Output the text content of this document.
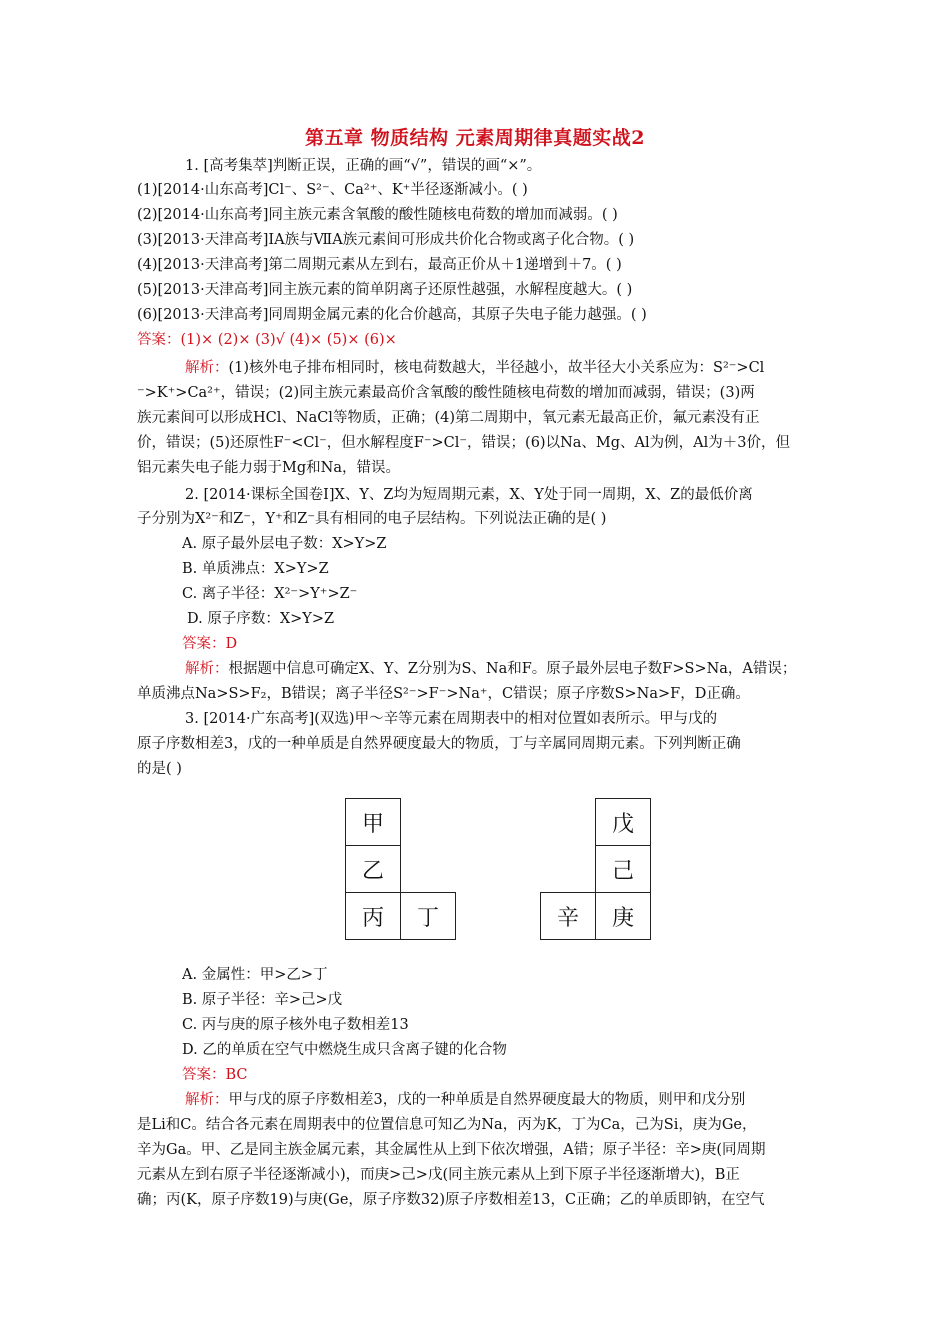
第五章 物质结构 元素周期律真题实战2
1. [高考集萃]判断正误，正确的画“√”，错误的画“×”。
(1)[2014·山东高考]Cl⁻、S²⁻、Ca²⁺、K⁺半径逐渐减小。( )
(2)[2014·山东高考]同主族元素含氧酸的酸性随核电荷数的增加而减弱。( )
(3)[2013·天津高考]ⅠA族与ⅦA族元素间可形成共价化合物或离子化合物。( )
(4)[2013·天津高考]第二周期元素从左到右，最高正价从＋1递增到＋7。( )
(5)[2013·天津高考]同主族元素的简单阴离子还原性越强，水解程度越大。( )
(6)[2013·天津高考]同周期金属元素的化合价越高，其原子失电子能力越强。( )
答案：(1)× (2)× (3)√ (4)× (5)× (6)×
解析：(1)核外电子排布相同时，核电荷数越大，半径越小，故半径大小关系应为：S²⁻>Cl
⁻>K⁺>Ca²⁺，错误；(2)同主族元素最高价含氧酸的酸性随核电荷数的增加而减弱，错误；(3)两
族元素间可以形成HCl、NaCl等物质，正确；(4)第二周期中，氧元素无最高正价，氟元素没有正
价，错误；(5)还原性F⁻<Cl⁻，但水解程度F⁻>Cl⁻，错误；(6)以Na、Mg、Al为例，Al为＋3价，但
铝元素失电子能力弱于Mg和Na，错误。
2. [2014·课标全国卷Ⅰ]X、Y、Z均为短周期元素，X、Y处于同一周期，X、Z的最低价离
子分别为X²⁻和Z⁻，Y⁺和Z⁻具有相同的电子层结构。下列说法正确的是( )
A. 原子最外层电子数：X>Y>Z
B. 单质沸点：X>Y>Z
C. 离子半径：X²⁻>Y⁺>Z⁻
D. 原子序数：X>Y>Z
答案：D
解析：根据题中信息可确定X、Y、Z分别为S、Na和F。原子最外层电子数F>S>Na，A错误；
单质沸点Na>S>F₂，B错误；离子半径S²⁻>F⁻>Na⁺，C错误；原子序数S>Na>F，D正确。
3. [2014·广东高考](双选)甲～辛等元素在周期表中的相对位置如表所示。甲与戊的
原子序数相差3，戊的一种单质是自然界硬度最大的物质，丁与辛属同周期元素。下列判断正确
的是( )
甲
乙
丙	丁
戊
己
辛	庚
A. 金属性：甲>乙>丁
B. 原子半径：辛>己>戊
C. 丙与庚的原子核外电子数相差13
D. 乙的单质在空气中燃烧生成只含离子键的化合物
答案：BC
解析：甲与戊的原子序数相差3，戊的一种单质是自然界硬度最大的物质，则甲和戊分别
是Li和C。结合各元素在周期表中的位置信息可知乙为Na，丙为K，丁为Ca，己为Si，庚为Ge，
辛为Ga。甲、乙是同主族金属元素，其金属性从上到下依次增强，A错；原子半径：辛>庚(同周期
元素从左到右原子半径逐渐减小)，而庚>己>戊(同主族元素从上到下原子半径逐渐增大)，B正
确；丙(K，原子序数19)与庚(Ge，原子序数32)原子序数相差13，C正确；乙的单质即钠，在空气
